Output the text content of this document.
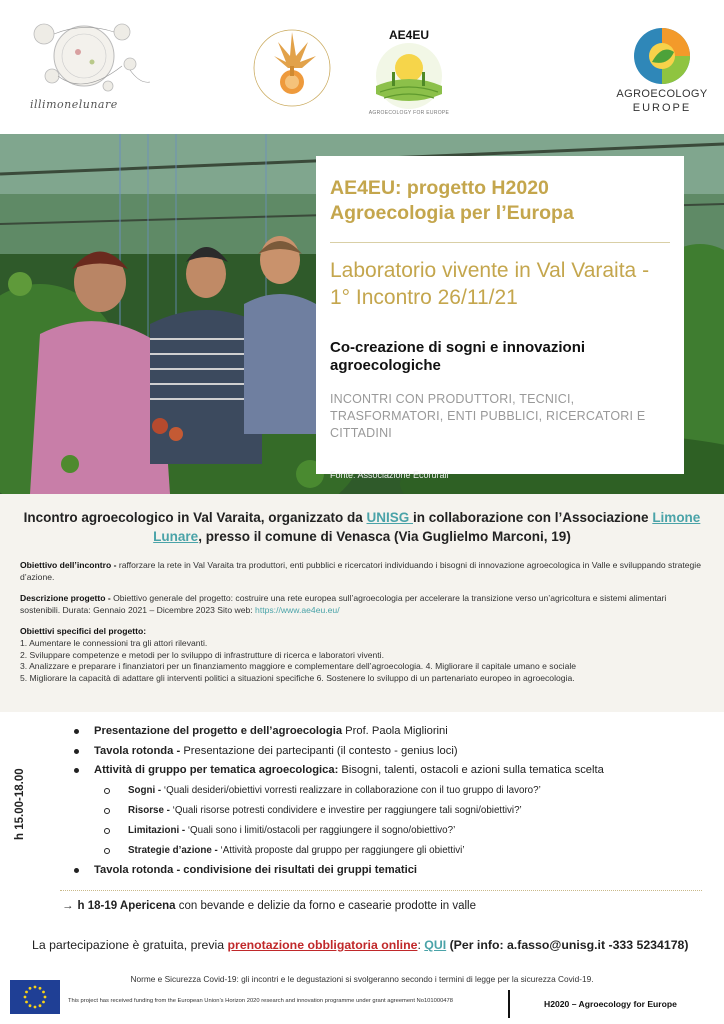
illimonelunare
AE4EU
AGROECOLOGY FOR EUROPE
AGROECOLOGY
EUROPE
AE4EU: progetto H2020 Agroecologia per l’Europa
Laboratorio vivente in Val Varaita - 1° Incontro 26/11/21
Co-creazione di sogni e innovazioni agroecologiche
INCONTRI CON PRODUTTORI, TECNICI, TRASFORMATORI, ENTI PUBBLICI, RICERCATORI E CITTADINI
Fonte: Associazione Ecorurali
Incontro agroecologico in Val Varaita, organizzato da UNISG in collaborazione con l’Associazione Limone Lunare, presso il comune di Venasca (Via Guglielmo Marconi, 19)

Obiettivo dell’incontro - rafforzare la rete in Val Varaita tra produttori, enti pubblici e ricercatori individuando i bisogni di innovazione agroecologica in Valle e sviluppando strategie d’azione.

Descrizione progetto - Obiettivo generale del progetto: costruire una rete europea sull’agroecologia per accelerare la transizione verso un’agricoltura e sistemi alimentari sostenibili. Durata: Gennaio 2021 – Dicembre 2023 Sito web: https://www.ae4eu.eu/

Obiettivi specifici del progetto:
1. Aumentare le connessioni tra gli attori rilevanti.
2. Sviluppare competenze e metodi per lo sviluppo di infrastrutture di ricerca e laboratori viventi.
3. Analizzare e preparare i finanziatori per un finanziamento maggiore e complementare dell’agroecologia. 4. Migliorare il capitale umano e sociale
5. Migliorare la capacità di adattare gli interventi politici a situazioni specifiche 6. Sostenere lo sviluppo di un partenariato europeo in agroecologia.

Presentazione del progetto e dell’agroecologia Prof. Paola Migliorini
Tavola rotonda - Presentazione dei partecipanti (il contesto - genius loci)
Attività di gruppo per tematica agroecologica: Bisogni, talenti, ostacoli e azioni sulla tematica scelta
Sogni - ‘Quali desideri/obiettivi vorresti realizzare in collaborazione con il tuo gruppo di lavoro?’
Risorse - ‘Quali risorse potresti condividere e investire per raggiungere tali sogni/obiettivi?’
Limitazioni - ‘Quali sono i limiti/ostacoli per raggiungere il sogno/obiettivo?’
Strategie d’azione - ‘Attività proposte dal gruppo per raggiungere gli obiettivi’
Tavola rotonda - condivisione dei risultati dei gruppi tematici
h 15.00-18.00
→ h 18-19 Apericena con bevande e delizie da forno e casearie prodotte in valle
La partecipazione è gratuita, previa prenotazione obbligatoria online: QUI (Per info: a.fasso@unisg.it -333 5234178)
Norme e Sicurezza Covid-19: gli incontri e le degustazioni si svolgeranno secondo i termini di legge per la sicurezza Covid-19.
This project has received funding from the European Union’s Horizon 2020 research and innovation programme under grant agreement No101000478	H2020 – Agroecology for Europe
